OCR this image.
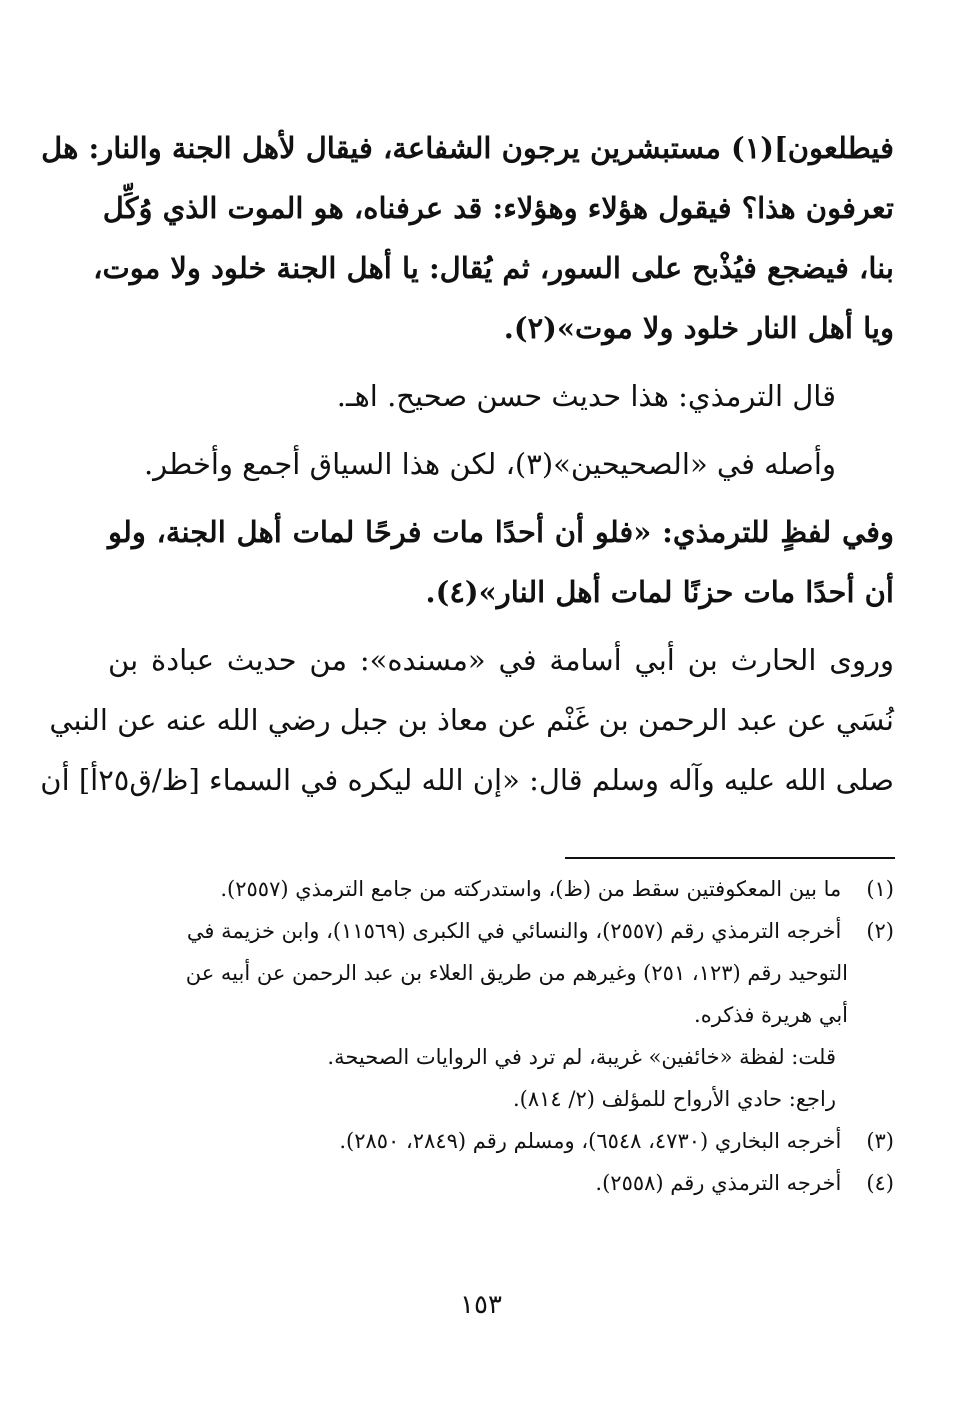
فيطلعون](١) مستبشرين يرجون الشفاعة، فيقال لأهل الجنة والنار: هل
تعرفون هذا؟ فيقول هؤلاء وهؤلاء: قد عرفناه، هو الموت الذي وُكِّل
بنا، فيضجع فيُذْبح على السور، ثم يُقال: يا أهل الجنة خلود ولا موت،
ويا أهل النار خلود ولا موت»(٢).
قال الترمذي: هذا حديث حسن صحيح. اهـ.
وأصله في «الصحيحين»(٣)، لكن هذا السياق أجمع وأخطر.
وفي لفظٍ للترمذي: «فلو أن أحدًا مات فرحًا لمات أهل الجنة، ولو
أن أحدًا مات حزنًا لمات أهل النار»(٤).
وروى الحارث بن أبي أسامة في «مسنده»: من حديث عبادة بن
نُسَي عن عبد الرحمن بن غَنْم عن معاذ بن جبل رضي الله عنه عن النبي
صلى الله عليه وآله وسلم قال: «إن الله ليكره في السماء [ظ/ق٢٥أ] أن
(١) ما بين المعكوفتين سقط من (ظ)، واستدركته من جامع الترمذي (٢٥٥٧).
(٢) أخرجه الترمذي رقم (٢٥٥٧)، والنسائي في الكبرى (١١٥٦٩)، وابن خزيمة في
التوحيد رقم (١٢٣، ٢٥١) وغيرهم من طريق العلاء بن عبد الرحمن عن أبيه عن
أبي هريرة فذكره.
قلت: لفظة «خائفين» غريبة، لم ترد في الروايات الصحيحة.
راجع: حادي الأرواح للمؤلف (٢/ ٨١٤).
(٣) أخرجه البخاري (٤٧٣٠، ٦٥٤٨)، ومسلم رقم (٢٨٤٩، ٢٨٥٠).
(٤) أخرجه الترمذي رقم (٢٥٥٨).
١٥٣
